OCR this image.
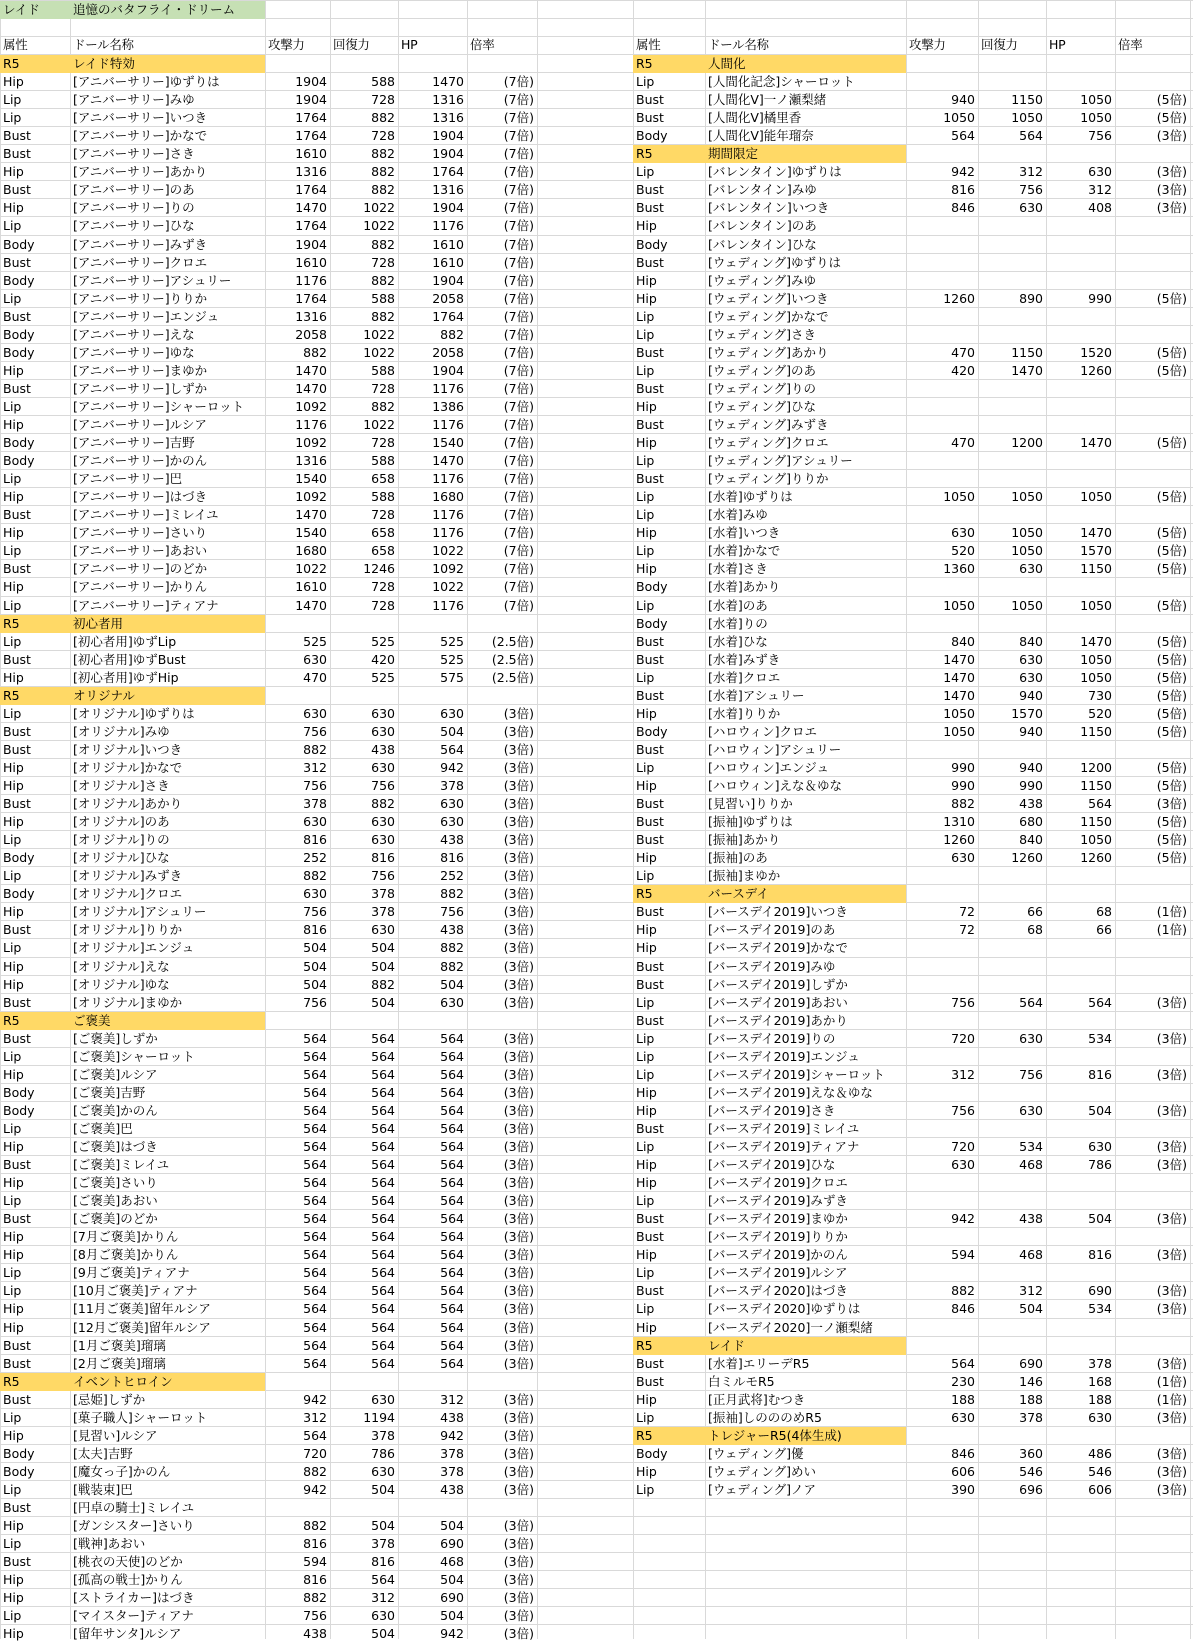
レイド	追憶のバタフライ・ドリーム
属性	ドール名称	攻撃力	回復力	HP	倍率	属性	ドール名称	攻撃力	回復力	HP	倍率
R5	レイド特効
Hip	[アニバーサリー]ゆずりは	1904	588	1470	(7倍)
Lip	[アニバーサリー]みゆ	1904	728	1316	(7倍)
Lip	[アニバーサリー]いつき	1764	882	1316	(7倍)
Bust	[アニバーサリー]かなで	1764	728	1904	(7倍)
Bust	[アニバーサリー]さき	1610	882	1904	(7倍)
Hip	[アニバーサリー]あかり	1316	882	1764	(7倍)
Bust	[アニバーサリー]のあ	1764	882	1316	(7倍)
Hip	[アニバーサリー]りの	1470	1022	1904	(7倍)
Lip	[アニバーサリー]ひな	1764	1022	1176	(7倍)
Body	[アニバーサリー]みずき	1904	882	1610	(7倍)
Bust	[アニバーサリー]クロエ	1610	728	1610	(7倍)
Body	[アニバーサリー]アシュリー	1176	882	1904	(7倍)
Lip	[アニバーサリー]りりか	1764	588	2058	(7倍)
Bust	[アニバーサリー]エンジュ	1316	882	1764	(7倍)
Body	[アニバーサリー]えな	2058	1022	882	(7倍)
Body	[アニバーサリー]ゆな	882	1022	2058	(7倍)
Hip	[アニバーサリー]まゆか	1470	588	1904	(7倍)
Bust	[アニバーサリー]しずか	1470	728	1176	(7倍)
Lip	[アニバーサリー]シャーロット	1092	882	1386	(7倍)
Hip	[アニバーサリー]ルシア	1176	1022	1176	(7倍)
Body	[アニバーサリー]吉野	1092	728	1540	(7倍)
Body	[アニバーサリー]かのん	1316	588	1470	(7倍)
Lip	[アニバーサリー]巴	1540	658	1176	(7倍)
Hip	[アニバーサリー]はづき	1092	588	1680	(7倍)
Bust	[アニバーサリー]ミレイユ	1470	728	1176	(7倍)
Hip	[アニバーサリー]さいり	1540	658	1176	(7倍)
Lip	[アニバーサリー]あおい	1680	658	1022	(7倍)
Bust	[アニバーサリー]のどか	1022	1246	1092	(7倍)
Hip	[アニバーサリー]かりん	1610	728	1022	(7倍)
Lip	[アニバーサリー]ティアナ	1470	728	1176	(7倍)
R5	初心者用
Lip	[初心者用]ゆずLip	525	525	525	(2.5倍)
Bust	[初心者用]ゆずBust	630	420	525	(2.5倍)
Hip	[初心者用]ゆずHip	470	525	575	(2.5倍)
R5	オリジナル
Lip	[オリジナル]ゆずりは	630	630	630	(3倍)
Bust	[オリジナル]みゆ	756	630	504	(3倍)
Bust	[オリジナル]いつき	882	438	564	(3倍)
Hip	[オリジナル]かなで	312	630	942	(3倍)
Hip	[オリジナル]さき	756	756	378	(3倍)
Bust	[オリジナル]あかり	378	882	630	(3倍)
Hip	[オリジナル]のあ	630	630	630	(3倍)
Lip	[オリジナル]りの	816	630	438	(3倍)
Body	[オリジナル]ひな	252	816	816	(3倍)
Lip	[オリジナル]みずき	882	756	252	(3倍)
Body	[オリジナル]クロエ	630	378	882	(3倍)
Hip	[オリジナル]アシュリー	756	378	756	(3倍)
Bust	[オリジナル]りりか	816	630	438	(3倍)
Lip	[オリジナル]エンジュ	504	504	882	(3倍)
Hip	[オリジナル]えな	504	504	882	(3倍)
Hip	[オリジナル]ゆな	504	882	504	(3倍)
Bust	[オリジナル]まゆか	756	504	630	(3倍)
R5	ご褒美
Bust	[ご褒美]しずか	564	564	564	(3倍)
Lip	[ご褒美]シャーロット	564	564	564	(3倍)
Hip	[ご褒美]ルシア	564	564	564	(3倍)
Body	[ご褒美]吉野	564	564	564	(3倍)
Body	[ご褒美]かのん	564	564	564	(3倍)
Lip	[ご褒美]巴	564	564	564	(3倍)
Hip	[ご褒美]はづき	564	564	564	(3倍)
Bust	[ご褒美]ミレイユ	564	564	564	(3倍)
Hip	[ご褒美]さいり	564	564	564	(3倍)
Lip	[ご褒美]あおい	564	564	564	(3倍)
Bust	[ご褒美]のどか	564	564	564	(3倍)
Hip	[7月ご褒美]かりん	564	564	564	(3倍)
Hip	[8月ご褒美]かりん	564	564	564	(3倍)
Lip	[9月ご褒美]ティアナ	564	564	564	(3倍)
Lip	[10月ご褒美]ティアナ	564	564	564	(3倍)
Hip	[11月ご褒美]留年ルシア	564	564	564	(3倍)
Hip	[12月ご褒美]留年ルシア	564	564	564	(3倍)
Bust	[1月ご褒美]瑠璃	564	564	564	(3倍)
Bust	[2月ご褒美]瑠璃	564	564	564	(3倍)
R5	イベントヒロイン
Bust	[忌姫]しずか	942	630	312	(3倍)
Lip	[菓子職人]シャーロット	312	1194	438	(3倍)
Hip	[見習い]ルシア	564	378	942	(3倍)
Body	[太夫]吉野	720	786	378	(3倍)
Body	[魔女っ子]かのん	882	630	378	(3倍)
Lip	[戦装束]巴	942	504	438	(3倍)
Bust	[円卓の騎士]ミレイユ
Hip	[ガンシスター]さいり	882	504	504	(3倍)
Lip	[戦神]あおい	816	378	690	(3倍)
Bust	[桃衣の天使]のどか	594	816	468	(3倍)
Hip	[孤高の戦士]かりん	816	564	504	(3倍)
Hip	[ストライカー]はづき	882	312	690	(3倍)
Lip	[マイスター]ティアナ	756	630	504	(3倍)
Hip	[留年サンタ]ルシア	438	504	942	(3倍)
R5	人間化
Lip	[人間化記念]シャーロット
Bust	[人間化V]一ノ瀬梨緒	940	1150	1050	(5倍)
Bust	[人間化V]橘里香	1050	1050	1050	(5倍)
Body	[人間化V]能年瑠奈	564	564	756	(3倍)
R5	期間限定
Lip	[バレンタイン]ゆずりは	942	312	630	(3倍)
Bust	[バレンタイン]みゆ	816	756	312	(3倍)
Bust	[バレンタイン]いつき	846	630	408	(3倍)
Hip	[バレンタイン]のあ
Body	[バレンタイン]ひな
Bust	[ウェディング]ゆずりは
Hip	[ウェディング]みゆ
Hip	[ウェディング]いつき	1260	890	990	(5倍)
Lip	[ウェディング]かなで
Lip	[ウェディング]さき
Bust	[ウェディング]あかり	470	1150	1520	(5倍)
Lip	[ウェディング]のあ	420	1470	1260	(5倍)
Bust	[ウェディング]りの
Hip	[ウェディング]ひな
Bust	[ウェディング]みずき
Hip	[ウェディング]クロエ	470	1200	1470	(5倍)
Lip	[ウェディング]アシュリー
Bust	[ウェディング]りりか
Lip	[水着]ゆずりは	1050	1050	1050	(5倍)
Lip	[水着]みゆ
Hip	[水着]いつき	630	1050	1470	(5倍)
Lip	[水着]かなで	520	1050	1570	(5倍)
Hip	[水着]さき	1360	630	1150	(5倍)
Body	[水着]あかり
Lip	[水着]のあ	1050	1050	1050	(5倍)
Body	[水着]りの
Bust	[水着]ひな	840	840	1470	(5倍)
Bust	[水着]みずき	1470	630	1050	(5倍)
Lip	[水着]クロエ	1470	630	1050	(5倍)
Bust	[水着]アシュリー	1470	940	730	(5倍)
Hip	[水着]りりか	1050	1570	520	(5倍)
Body	[ハロウィン]クロエ	1050	940	1150	(5倍)
Bust	[ハロウィン]アシュリー
Lip	[ハロウィン]エンジュ	990	940	1200	(5倍)
Hip	[ハロウィン]えな＆ゆな	990	990	1150	(5倍)
Bust	[見習い]りりか	882	438	564	(3倍)
Bust	[振袖]ゆずりは	1310	680	1150	(5倍)
Bust	[振袖]あかり	1260	840	1050	(5倍)
Hip	[振袖]のあ	630	1260	1260	(5倍)
Lip	[振袖]まゆか
R5	バースデイ
Bust	[バースデイ2019]いつき	72	66	68	(1倍)
Hip	[バースデイ2019]のあ	72	68	66	(1倍)
Hip	[バースデイ2019]かなで
Bust	[バースデイ2019]みゆ
Bust	[バースデイ2019]しずか
Lip	[バースデイ2019]あおい	756	564	564	(3倍)
Bust	[バースデイ2019]あかり
Lip	[バースデイ2019]りの	720	630	534	(3倍)
Lip	[バースデイ2019]エンジュ
Lip	[バースデイ2019]シャーロット	312	756	816	(3倍)
Hip	[バースデイ2019]えな＆ゆな
Hip	[バースデイ2019]さき	756	630	504	(3倍)
Bust	[バースデイ2019]ミレイユ
Lip	[バースデイ2019]ティアナ	720	534	630	(3倍)
Hip	[バースデイ2019]ひな	630	468	786	(3倍)
Hip	[バースデイ2019]クロエ
Lip	[バースデイ2019]みずき
Bust	[バースデイ2019]まゆか	942	438	504	(3倍)
Bust	[バースデイ2019]りりか
Hip	[バースデイ2019]かのん	594	468	816	(3倍)
Lip	[バースデイ2019]ルシア
Bust	[バースデイ2020]はづき	882	312	690	(3倍)
Lip	[バースデイ2020]ゆずりは	846	504	534	(3倍)
Hip	[バースデイ2020]一ノ瀬梨緒
R5	レイド
Bust	[水着]エリーデR5	564	690	378	(3倍)
Bust	白ミルモR5	230	146	168	(1倍)
Hip	[正月武将]むつき	188	188	188	(1倍)
Lip	[振袖]しのののめR5	630	378	630	(3倍)
R5	トレジャーR5(4体生成)
Body	[ウェディング]優	846	360	486	(3倍)
Hip	[ウェディング]めい	606	546	546	(3倍)
Lip	[ウェディング]ノア	390	696	606	(3倍)
